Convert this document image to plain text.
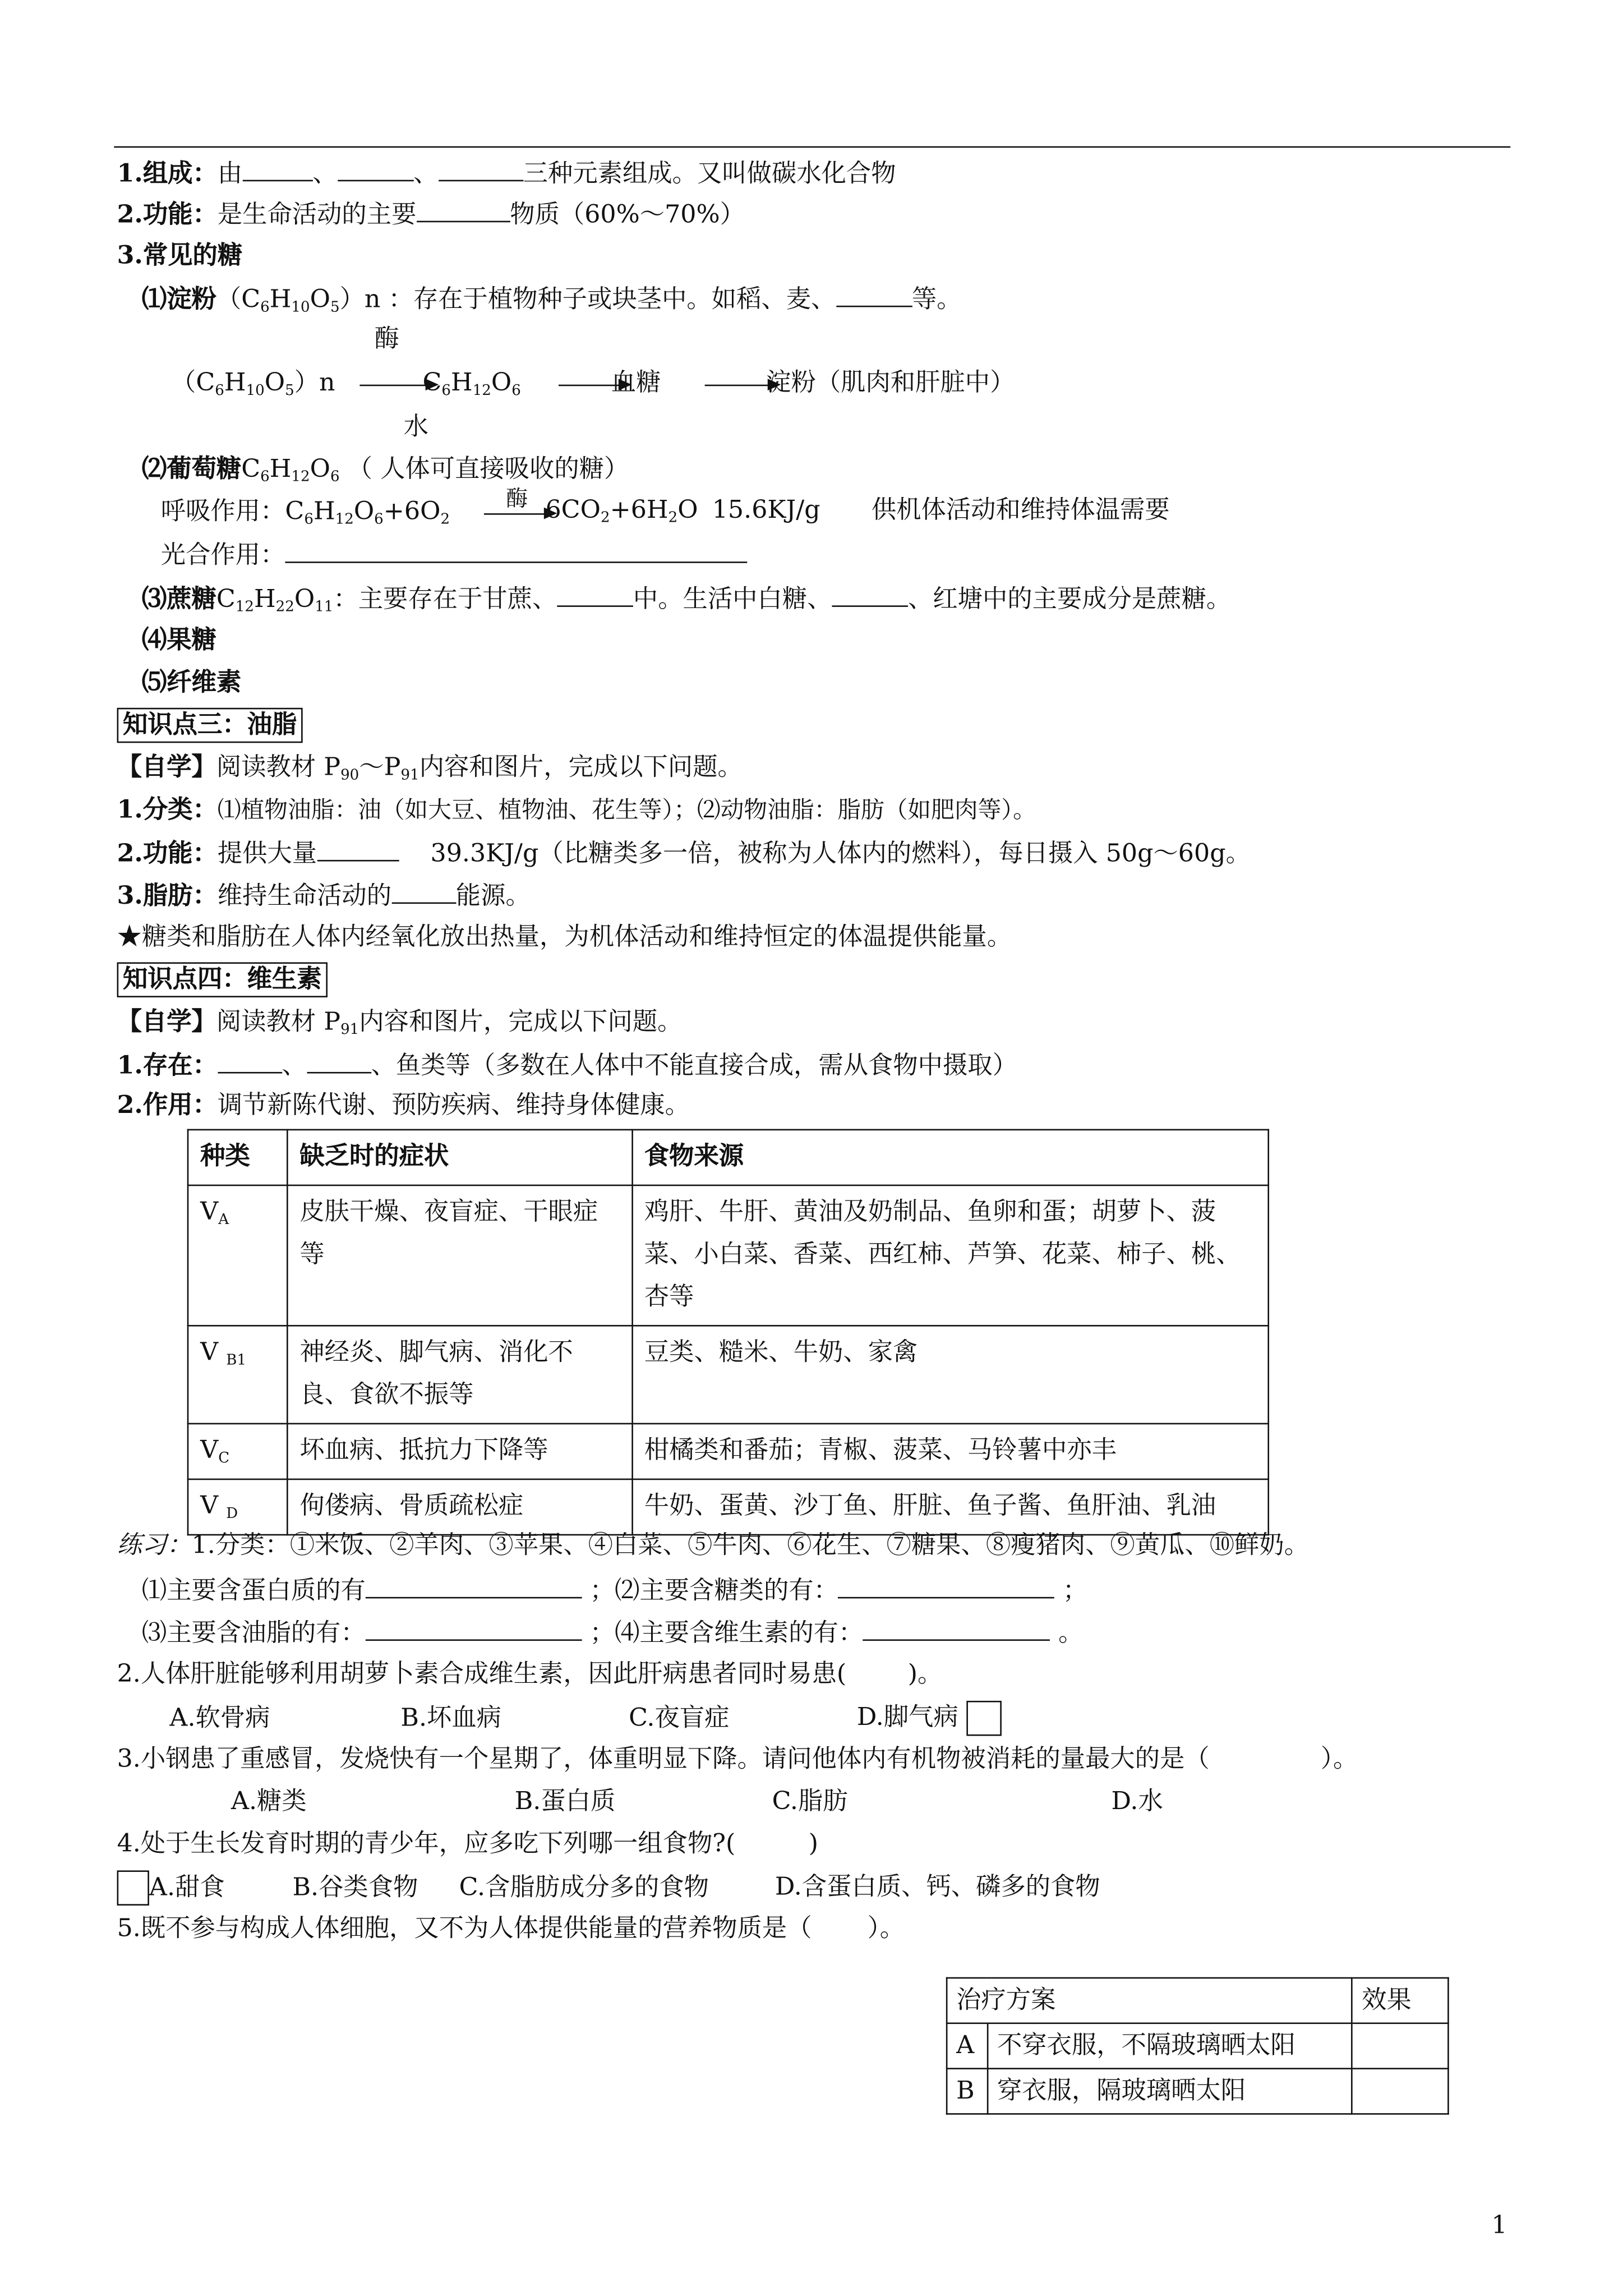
1.组成：由	、	、	三种元素组成。又叫做碳水化合物
2.功能：是生命活动的主要	物质（60%～70%）
3.常见的糖
⑴淀粉$(C_6H_{10}O_5)n$ ：存在于植物种子或块茎中。如稻、麦、	等。
酶
$(C_6H_{10}O_5)n$	$C_6H_{12}O_6$	血糖	淀粉（肌肉和肝脏中）
水
⑵葡萄糖$C_6H_{12}O_6$ （ 人体可直接吸收的糖）
呼吸作用：$C_6H_{12}O_6+6O_2$
酶 $6CO_2+6H_2O$ 15.6KJ/g	供机体活动和维持体温需要
光合作用：
⑶蔗糖$C_{12}H_{22}O_{11}$：主要存在于甘蔗、	中。生活中白糖、	、红塘中的主要成分是蔗糖。
⑷果糖
⑸纤维素
知识点三：油脂
【自学】阅读教材 $P_{90}\sim P_{91}$内容和图片，完成以下问题。
1.分类：⑴植物油脂：油（如大豆、植物油、花生等）；⑵动物油脂：脂肪（如肥肉等）。
2.功能：提供大量	39.3KJ/g（比糖类多一倍，被称为人体内的燃料），每日摄入 50g～60g。
3.脂肪：维持生命活动的	能源。
★糖类和脂肪在人体内经氧化放出热量，为机体活动和维持恒定的体温提供能量。
知识点四：维生素
【自学】阅读教材 $P_{91}$内容和图片，完成以下问题。
1.存在：	、	、鱼类等（多数在人体中不能直接合成，需从食物中摄取）
2.作用：调节新陈代谢、预防疾病、维持身体健康。
种类	缺乏时的症状	食物来源
$V_A$	皮肤干燥、夜盲症、干眼症等	鸡肝、牛肝、黄油及奶制品、鱼卵和蛋；胡萝卜、菠菜、小白菜、香菜、西红柿、芦笋、花菜、柿子、桃、杏等
V $_{B1}$	神经炎、脚气病、消化不良、食欲不振等	豆类、糙米、牛奶、家禽
$V_C$	坏血病、抵抗力下降等	柑橘类和番茄；青椒、菠菜、马铃薯中亦丰
V $_D$	佝偻病、骨质疏松症	牛奶、蛋黄、沙丁鱼、肝脏、鱼子酱、鱼肝油、乳油
练习：1.分类：①米饭、②羊肉、③苹果、④白菜、⑤牛肉、⑥花生、⑦糖果、⑧瘦猪肉、⑨黄瓜、⑩鲜奶。
⑴主要含蛋白质的有	；⑵主要含糖类的有：	；
⑶主要含油脂的有：	；⑷主要含维生素的有：	。
2.人体肝脏能够利用胡萝卜素合成维生素，因此肝病患者同时易患(	)。
A.软骨病	B.坏血病	C.夜盲症	D.脚气病
3.小钢患了重感冒，发烧快有一个星期了，体重明显下降。请问他体内有机物被消耗的量最大的是（	）。
A.糖类	B.蛋白质	C.脂肪	D.水
4.处于生长发育时期的青少年，应多吃下列哪一组食物?(	)
A.甜食	B.谷类食物	C.含脂肪成分多的食物	D.含蛋白质、钙、磷多的食物
5.既不参与构成人体细胞，又不为人体提供能量的营养物质是（	）。
治疗方案		效果
A	不穿衣服，不隔玻璃晒太阳	
B	穿衣服，隔玻璃晒太阳	
1
